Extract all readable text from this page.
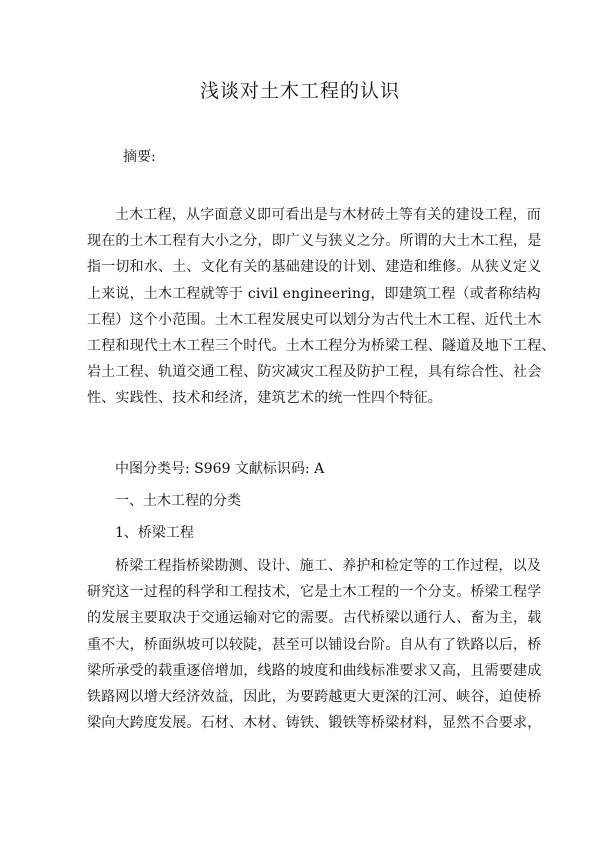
浅谈对土木工程的认识
摘要:
土木工程，从字面意义即可看出是与木材砖土等有关的建设工程，而
现在的土木工程有大小之分，即广义与狭义之分。所谓的大土木工程，是
指一切和水、土、文化有关的基础建设的计划、建造和维修。从狭义定义
上来说，土木工程就等于 civil engineering，即建筑工程（或者称结构
工程）这个小范围。土木工程发展史可以划分为古代土木工程、近代土木
工程和现代土木工程三个时代。土木工程分为桥梁工程、隧道及地下工程、
岩土工程、轨道交通工程、防灾减灾工程及防护工程，具有综合性、社会
性、实践性、技术和经济，建筑艺术的统一性四个特征。
中图分类号: S969 文献标识码: A
一、土木工程的分类
1、桥梁工程
桥梁工程指桥梁勘测、设计、施工、养护和检定等的工作过程，以及
研究这一过程的科学和工程技术，它是土木工程的一个分支。桥梁工程学
的发展主要取决于交通运输对它的需要。古代桥梁以通行人、畜为主，载
重不大，桥面纵坡可以较陡，甚至可以铺设台阶。自从有了铁路以后，桥
梁所承受的载重逐倍增加，线路的坡度和曲线标准要求又高，且需要建成
铁路网以增大经济效益，因此，为要跨越更大更深的江河、峡谷，迫使桥
梁向大跨度发展。石材、木材、铸铁、锻铁等桥梁材料，显然不合要求，
